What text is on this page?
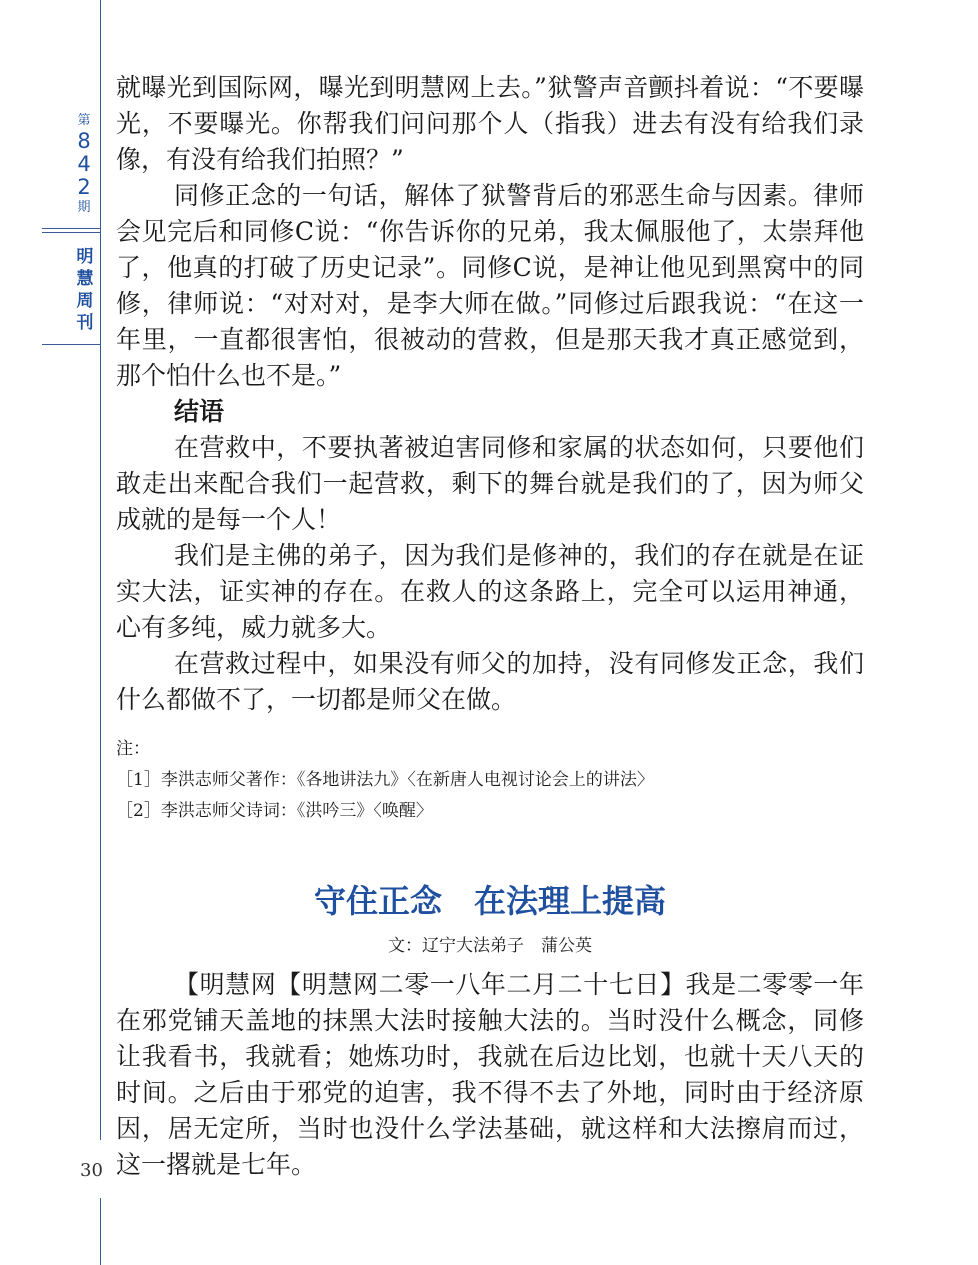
第
8
4
2
期
明
慧
周
刊
30

就曝光到国际网，曝光到明慧网上去。”狱警声音颤抖着说：“不要曝光，不要曝光。你帮我们问问那个人（指我）进去有没有给我们录像，有没有给我们拍照？”

同修正念的一句话，解体了狱警背后的邪恶生命与因素。律师会见完后和同修C说：“你告诉你的兄弟，我太佩服他了，太崇拜他了，他真的打破了历史记录”。同修C说，是神让他见到黑窝中的同修，律师说：“对对对，是李大师在做。”同修过后跟我说：“在这一年里，一直都很害怕，很被动的营救，但是那天我才真正感觉到，那个怕什么也不是。”

结语

在营救中，不要执著被迫害同修和家属的状态如何，只要他们敢走出来配合我们一起营救，剩下的舞台就是我们的了，因为师父成就的是每一个人！

我们是主佛的弟子，因为我们是修神的，我们的存在就是在证实大法，证实神的存在。在救人的这条路上，完全可以运用神通，心有多纯，威力就多大。

在营救过程中，如果没有师父的加持，没有同修发正念，我们什么都做不了，一切都是师父在做。

注：

［1］李洪志师父著作：《各地讲法九》〈在新唐人电视讨论会上的讲法〉

［2］李洪志师父诗词：《洪吟三》〈唤醒〉

守住正念　在法理上提高
文：辽宁大法弟子　蒲公英

【明慧网【明慧网二零一八年二月二十七日】我是二零零一年在邪党铺天盖地的抹黑大法时接触大法的。当时没什么概念，同修让我看书，我就看；她炼功时，我就在后边比划，也就十天八天的时间。之后由于邪党的迫害，我不得不去了外地，同时由于经济原因，居无定所，当时也没什么学法基础，就这样和大法擦肩而过，这一撂就是七年。
